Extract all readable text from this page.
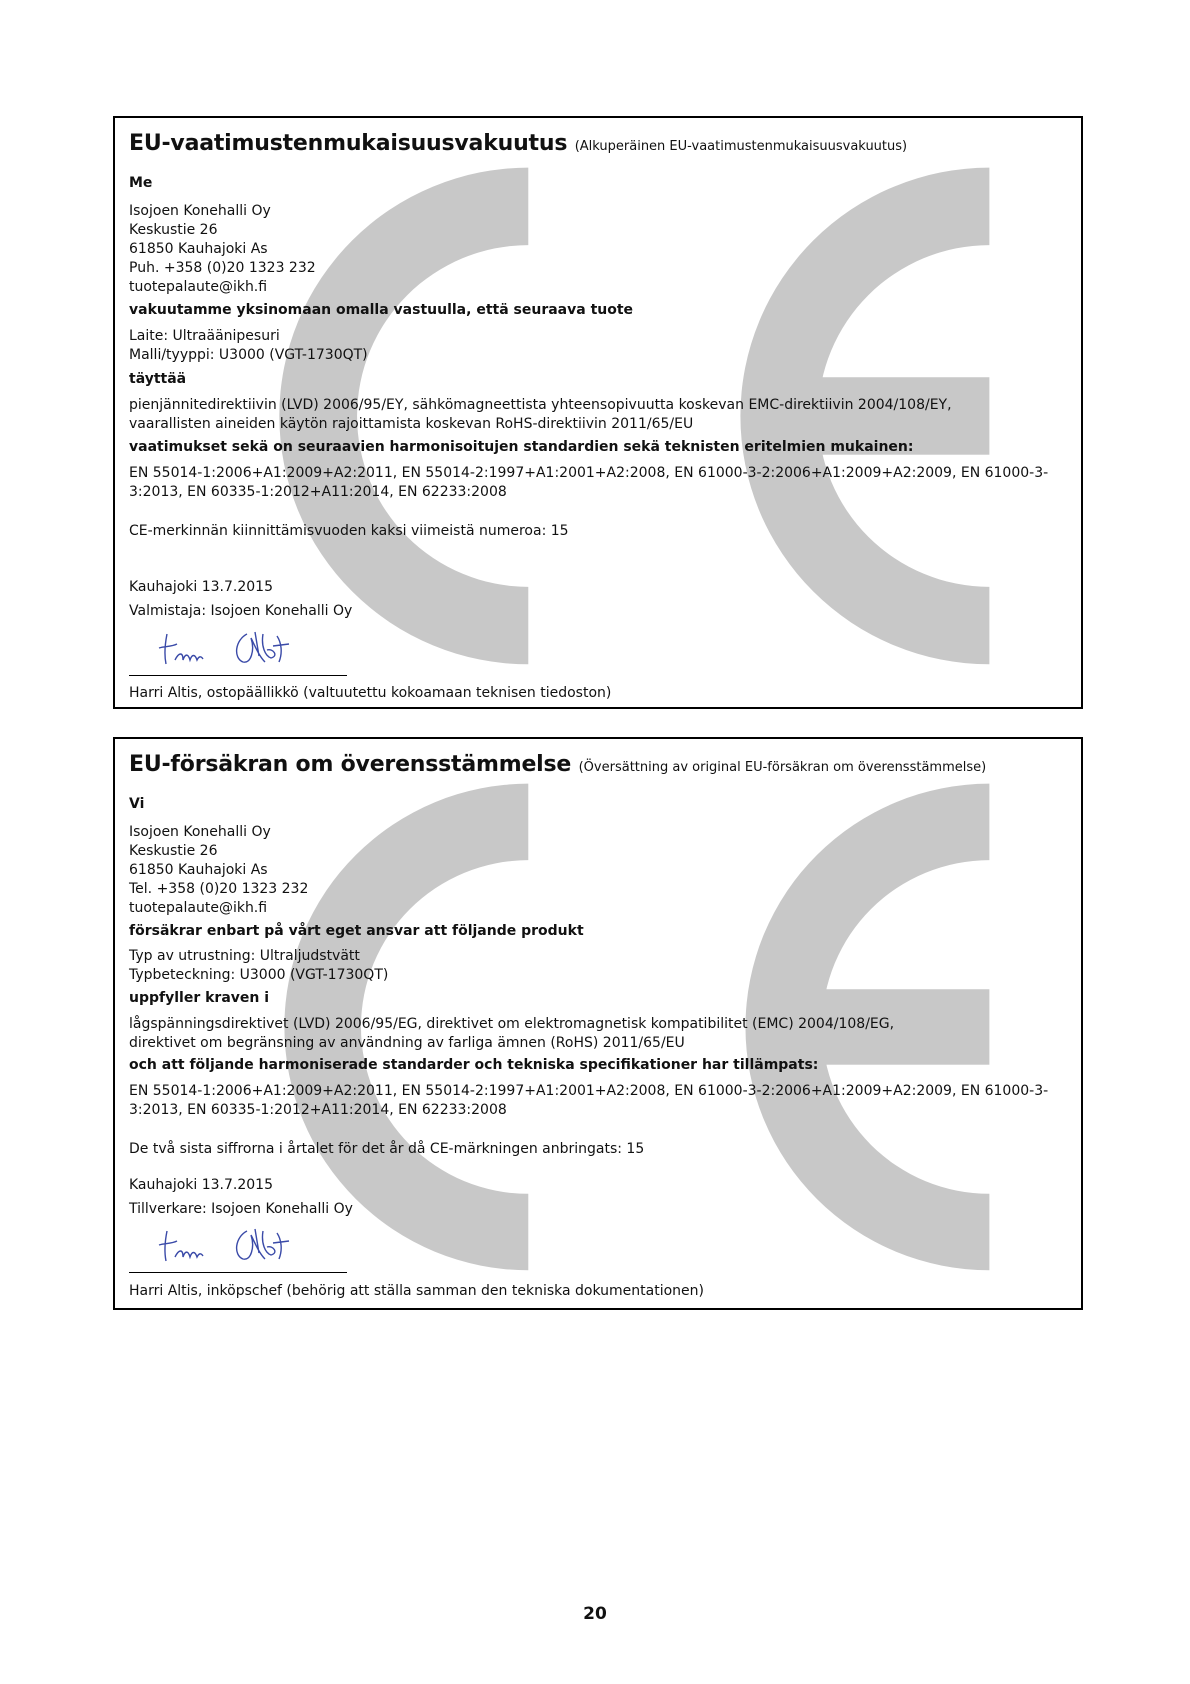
EU-vaatimustenmukaisuusvakuutus (Alkuperäinen EU-vaatimustenmukaisuusvakuutus)
Me
Isojoen Konehalli Oy
Keskustie 26
61850 Kauhajoki As
Puh. +358 (0)20 1323 232
tuotepalaute@ikh.fi
vakuutamme yksinomaan omalla vastuulla, että seuraava tuote
Laite: Ultraäänipesuri
Malli/tyyppi: U3000 (VGT-1730QT)
täyttää
pienjännitedirektiivin (LVD) 2006/95/EY, sähkömagneettista yhteensopivuutta koskevan EMC-direktiivin 2004/108/EY,
vaarallisten aineiden käytön rajoittamista koskevan RoHS-direktiivin 2011/65/EU
vaatimukset sekä on seuraavien harmonisoitujen standardien sekä teknisten eritelmien mukainen:
EN 55014-1:2006+A1:2009+A2:2011, EN 55014-2:1997+A1:2001+A2:2008, EN 61000-3-2:2006+A1:2009+A2:2009, EN 61000-3-
3:2013, EN 60335-1:2012+A11:2014, EN 62233:2008
CE-merkinnän kiinnittämisvuoden kaksi viimeistä numeroa: 15
Kauhajoki 13.7.2015
Valmistaja: Isojoen Konehalli Oy
Harri Altis, ostopäällikkö (valtuutettu kokoamaan teknisen tiedoston)
EU-försäkran om överensstämmelse (Översättning av original EU-försäkran om överensstämmelse)
Vi
Isojoen Konehalli Oy
Keskustie 26
61850 Kauhajoki As
Tel. +358 (0)20 1323 232
tuotepalaute@ikh.fi
försäkrar enbart på vårt eget ansvar att följande produkt
Typ av utrustning: Ultraljudstvätt
Typbeteckning: U3000 (VGT-1730QT)
uppfyller kraven i
lågspänningsdirektivet (LVD) 2006/95/EG, direktivet om elektromagnetisk kompatibilitet (EMC) 2004/108/EG,
direktivet om begränsning av användning av farliga ämnen (RoHS) 2011/65/EU
och att följande harmoniserade standarder och tekniska specifikationer har tillämpats:
EN 55014-1:2006+A1:2009+A2:2011, EN 55014-2:1997+A1:2001+A2:2008, EN 61000-3-2:2006+A1:2009+A2:2009, EN 61000-3-
3:2013, EN 60335-1:2012+A11:2014, EN 62233:2008
De två sista siffrorna i årtalet för det år då CE-märkningen anbringats: 15
Kauhajoki 13.7.2015
Tillverkare: Isojoen Konehalli Oy
Harri Altis, inköpschef (behörig att ställa samman den tekniska dokumentationen)
20
